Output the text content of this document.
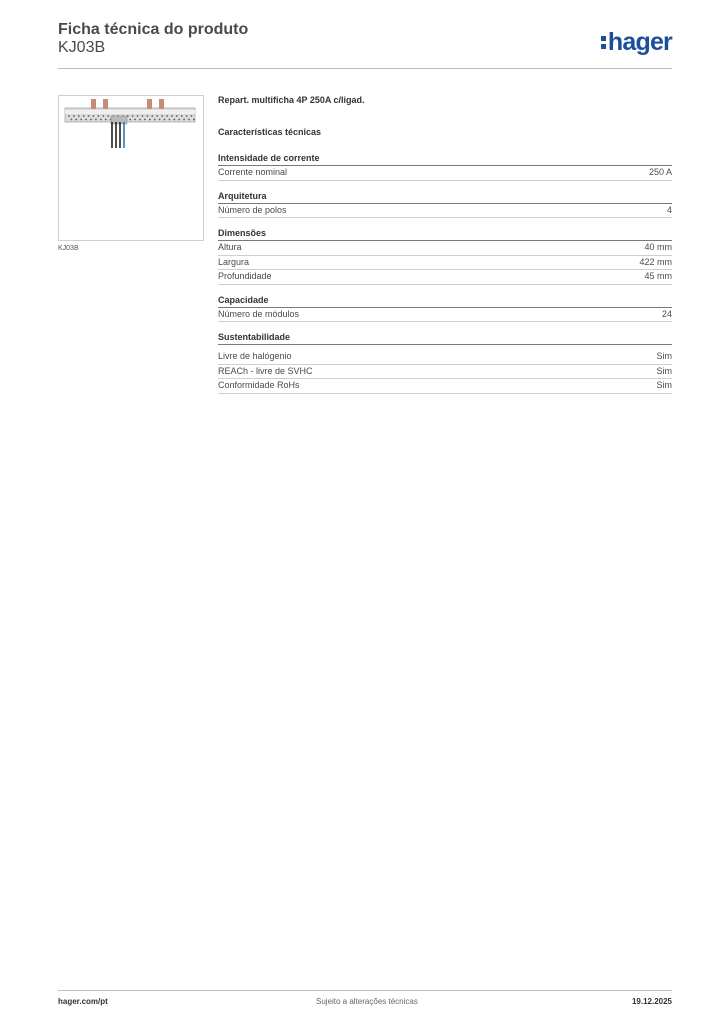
Ficha técnica do produto
KJ03B	hager
KJ03B
Repart. multificha 4P 250A c/ligad.
Características técnicas
Intensidade de corrente
Corrente nominal	250 A
Arquitetura
Número de polos	4
Dimensões
Altura	40 mm
Largura	422 mm
Profundidade	45 mm
Capacidade
Número de módulos	24
Sustentabilidade
Livre de halógenio	Sim
REACh - livre de SVHC	Sim
Conformidade RoHs	Sim
hager.com/pt	Sujeito a alterações técnicas	19.12.2025
